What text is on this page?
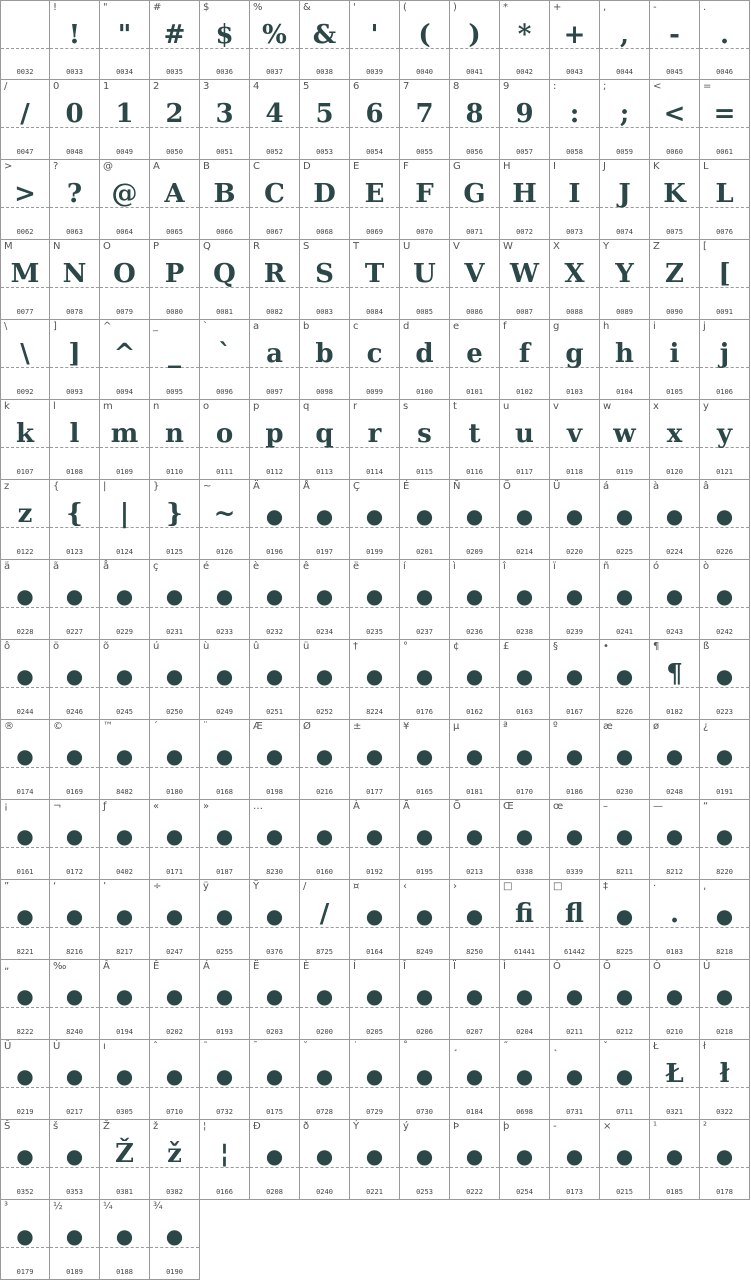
0032
!
!
0033
"
"
0034
#
#
0035
$
$
0036
%
%
0037
&
&
0038
'
'
0039
(
(
0040
)
)
0041
*
*
0042
+
+
0043
,
,
0044
-
-
0045
.
.
0046
/
/
0047
0
0
0048
1
1
0049
2
2
0050
3
3
0051
4
4
0052
5
5
0053
6
6
0054
7
7
0055
8
8
0056
9
9
0057
:
:
0058
;
;
0059
<
<
0060
=
=
0061
>
>
0062
?
?
0063
@
@
0064
A
A
0065
B
B
0066
C
C
0067
D
D
0068
E
E
0069
F
F
0070
G
G
0071
H
H
0072
I
I
0073
J
J
0074
K
K
0075
L
L
0076
M
M
0077
N
N
0078
O
O
0079
P
P
0080
Q
Q
0081
R
R
0082
S
S
0083
T
T
0084
U
U
0085
V
V
0086
W
W
0087
X
X
0088
Y
Y
0089
Z
Z
0090
[
[
0091
\
\
0092
]
]
0093
^
^
0094
_
_
0095
`
`
0096
a
a
0097
b
b
0098
c
c
0099
d
d
0100
e
e
0101
f
f
0102
g
g
0103
h
h
0104
i
i
0105
j
j
0106
k
k
0107
l
l
0108
m
m
0109
n
n
0110
o
o
0111
p
p
0112
q
q
0113
r
r
0114
s
s
0115
t
t
0116
u
u
0117
v
v
0118
w
w
0119
x
x
0120
y
y
0121
z
z
0122
{
{
0123
|
|
0124
}
}
0125
~
~
0126
Ä
●
0196
Å
●
0197
Ç
●
0199
É
●
0201
Ñ
●
0209
Ö
●
0214
Ü
●
0220
á
●
0225
à
●
0224
â
●
0226
ä
●
0228
ã
●
0227
å
●
0229
ç
●
0231
é
●
0233
è
●
0232
ê
●
0234
ë
●
0235
í
●
0237
ì
●
0236
î
●
0238
ï
●
0239
ñ
●
0241
ó
●
0243
ò
●
0242
ô
●
0244
ö
●
0246
õ
●
0245
ú
●
0250
ù
●
0249
û
●
0251
ü
●
0252
†
●
8224
°
●
0176
¢
●
0162
£
●
0163
§
●
0167
•
●
8226
¶
¶
0182
ß
●
0223
®
●
0174
©
●
0169
™
●
8482
´
●
0180
¨
●
0168
Æ
●
0198
Ø
●
0216
±
●
0177
¥
●
0165
µ
●
0181
ª
●
0170
º
●
0186
æ
●
0230
ø
●
0248
¿
●
0191
¡
●
0161
¬
●
0172
ƒ
●
0402
«
●
0171
»
●
0187
…
●
8230
●
0160
À
●
0192
Ã
●
0195
Õ
●
0213
Œ
●
0338
œ
●
0339
–
●
8211
—
●
8212
“
●
8220
”
●
8221
‘
●
8216
’
●
8217
÷
●
0247
ÿ
●
0255
Ÿ
●
0376
/
/
8725
¤
●
0164
‹
●
8249
›
●
8250
□
fi
61441
□
fl
61442
‡
●
8225
·
.
0183
‚
●
8218
„
●
8222
‰
●
8240
Â
●
0194
Ê
●
0202
Á
●
0193
Ë
●
0203
È
●
0200
Í
●
0205
Î
●
0206
Ï
●
0207
Ì
●
0204
Ó
●
0211
Ô
●
0212
Ò
●
0210
Ú
●
0218
Û
●
0219
Ù
●
0217
ı
●
0305
ˆ
●
0710
˜
●
0732
¯
●
0175
˘
●
0728
˙
●
0729
˚
●
0730
¸
●
0184
˝
●
0698
˛
●
0731
ˇ
●
0711
Ł
Ł
0321
ł
ł
0322
Š
●
0352
š
●
0353
Ž
Ž
0381
ž
ž
0382
¦
¦
0166
Ð
●
0208
ð
●
0240
Ý
●
0221
ý
●
0253
Þ
●
0222
þ
●
0254
-
●
0173
×
●
0215
¹
●
0185
²
●
0178
³
●
0179
½
●
0189
¼
●
0188
¾
●
0190
